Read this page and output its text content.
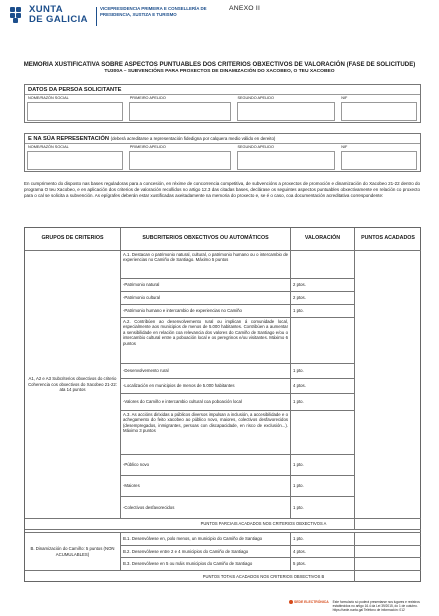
XUNTA
DE GALICIA
VICEPRESIDENCIA PRIMEIRA E CONSELLERÍA DE PRESIDENCIA, XUSTIZA E TURISMO
ANEXO II
MEMORIA XUSTIFICATIVA SOBRE ASPECTOS PUNTUABLES DOS CRITERIOS OBXECTIVOS DE VALORACIÓN (FASE DE SOLICITUDE)
TU300A – SUBVENCIÓNS PARA PROXECTOS DE DINAMIZACIÓN DO XACOBEO, O TEU XACOBEO
DATOS DA PERSOA SOLICITANTE
NOME/RAZÓN SOCIAL	PRIMEIRO APELIDO	SEGUNDO APELIDO	NIF
E NA SÚA REPRESENTACIÓN (deberá acreditarse a representación fidedigna por calquera medio válido en dereito)
NOME/RAZÓN SOCIAL	PRIMEIRO APELIDO	SEGUNDO APELIDO	NIF
En cumprimento do disposto nas bases reguladoras para a concesión, en réxime de concorrencia competitiva, de subvencións a proxectos de promoción e dinamización do Xacobeo 21-22 dentro do programa O teu Xacobeo, e en aplicación dos criterios de valoración recollidos no artigo 12.3 das citadas bases, declárase os seguintes aspectos puntuables obxectivamente en relación co proxecto para o cal se solicita a subvención. As epígrafes deberán estar xustificadas axeitadamente na memoria do proxecto e, se é o caso, coa documentación acreditativa correspondente:
GRUPOS DE CRITERIOS	SUBCRITERIOS OBXECTIVOS OU AUTOMÁTICOS	VALORACIÓN	PUNTOS ACADADOS
A1, A2 e A3 Subcriterios obxectivos do criterio Coherencia cos obxectivos do Xacobeo 21-22: ata 14 puntos
A.1. Destacan o patrimonio natural, cultural, o patrimonio humano ou o intercambio de experiencias no Camiño de Santiago. Máximo 5 puntos
-Patrimonio natural	2 ptos.
-Patrimonio cultural	2 ptos.
-Patrimonio humano e intercambio de experiencias no Camiño	1 pto.
A.2. Contribúen ao desenvolvemento rural ou implican á comunidade local, especialmente aos municipios de menos de 5.000 habitantes. Contribúen a aumentar a sensibilidade en relación coa relevancia dos valores do Camiño de Santiago e/ou o intercambio cultural entre a poboación local e os peregrinos e/ou visitantes. Máximo 6 puntos
-Desenvolvemento rural	1 pto.
-Localización en municipios de menos de 5.000 habitantes	4 ptos.
-Valores do Camiño e intercambio cultural coa poboación local	1 pto.
A.3. As accións dirixidas a públicos diversos impulsan a inclusión, a accesibilidade e o achegamento do feito xacobeo ao público novo, maiores, colectivos desfavorecidos (desempregados, inmigrantes, persoas con discapacidade, en risco de exclusión...). Máximo 3 puntos
-Público novo	1 pto.
-Maiores	1 pto.
-Colectivos desfavorecidos	1 pto.
PUNTOS PARCIAIS ACADADOS NOS CRITERIOS OBXECTIVOS A
B. Dinamización do Camiño: 5 puntos (NON ACUMULABLES)
B.1. Desenvólvese en, polo menos, un municipio do Camiño de Santiago	1 pto.
B.2. Desenvólvese entre 2 e 4 municipios do Camiño de Santiago	4 ptos.
B.3. Desenvólvese en 5 ou máis municipios do Camiño de Santiago	5 ptos.
PUNTOS TOTAIS ACADADOS NOS CRITERIOS OBXECTIVOS B
SEDE ELECTRÓNICA Este formulario só poderá presentarse nos lugares e rexistros establecidos no artigo 16.4 da Lei 39/2015, do 1 de outubro. https://sede.xunta.gal Teléfono de información: 012
